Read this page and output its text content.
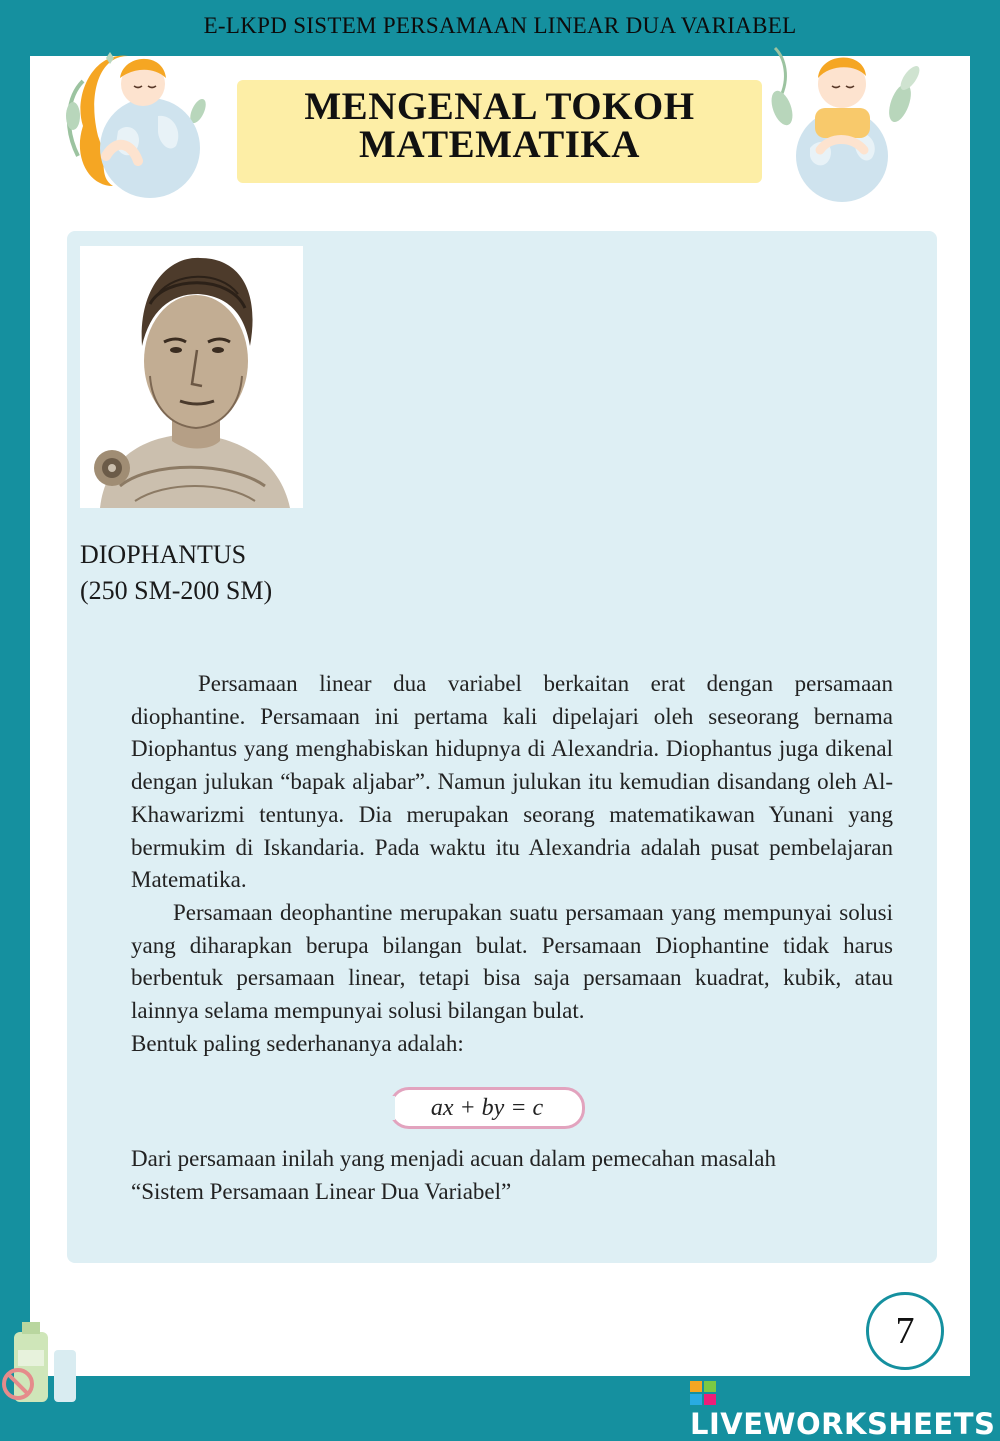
E-LKPD SISTEM PERSAMAAN LINEAR DUA VARIABEL
MENGENAL TOKOH
MATEMATIKA
DIOPHANTUS
(250 SM-200 SM)

Persamaan linear dua variabel berkaitan erat dengan persamaan diophantine. Persamaan ini pertama kali dipelajari oleh seseorang bernama Diophantus yang menghabiskan hidupnya di Alexandria. Diophantus juga dikenal dengan julukan “bapak aljabar”. Namun julukan itu kemudian disandang oleh Al-Khawarizmi tentunya. Dia merupakan seorang matematikawan Yunani yang bermukim di Iskandaria. Pada waktu itu Alexandria adalah pusat pembelajaran Matematika.

Persamaan deophantine merupakan suatu persamaan yang mempunyai solusi yang diharapkan berupa bilangan bulat. Persamaan Diophantine tidak harus berbentuk persamaan linear, tetapi bisa saja persamaan kuadrat, kubik, atau lainnya selama mempunyai solusi bilangan bulat.

Bentuk paling sederhananya adalah:

ax + by = c

Dari persamaan inilah yang menjadi acuan dalam pemecahan masalah

“Sistem Persamaan Linear Dua Variabel”

7
LIVEWORKSHEETS
